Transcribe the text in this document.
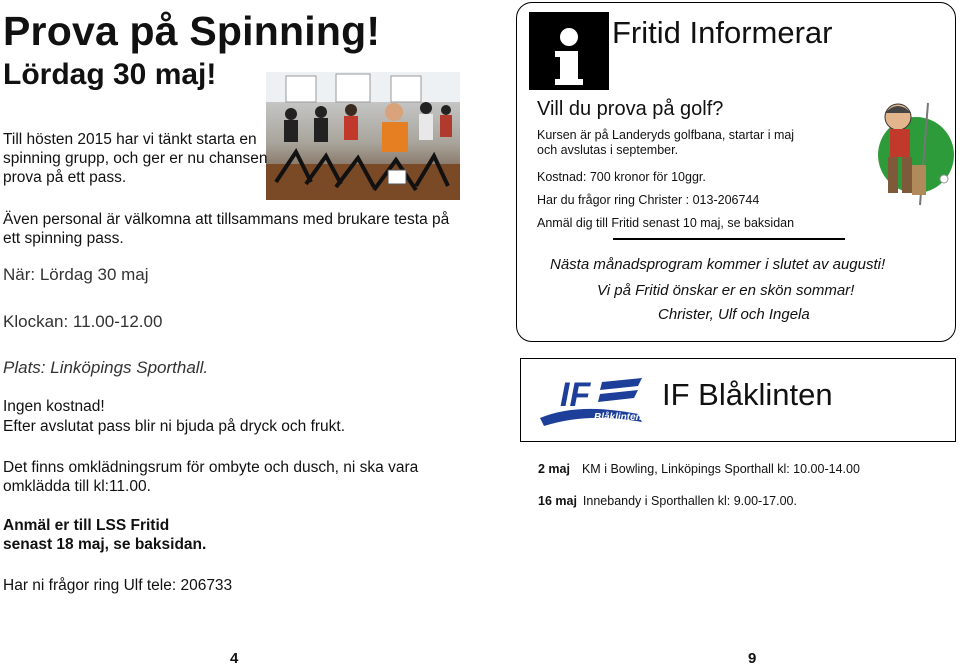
Prova på Spinning!
Lördag 30 maj!
Till hösten 2015 har vi tänkt starta en spinning grupp, och ger er nu chansen prova på ett pass.
Även personal är välkomna att tillsammans med brukare testa på ett spinning pass.
När: Lördag 30 maj
Klockan: 11.00-12.00
Plats: Linköpings Sporthall.
Ingen kostnad!
Efter avslutat pass blir ni bjuda på dryck och frukt.
Det finns omklädningsrum för ombyte och dusch, ni ska vara omklädda till kl:11.00.
Anmäl er till LSS Fritid
senast 18 maj, se baksidan.
Har ni frågor ring Ulf tele: 206733
4
Fritid Informerar
Vill du prova på golf?
Kursen är på Landeryds golfbana, startar i maj
och avslutas i september.
Kostnad: 700 kronor för 10ggr.
Har du frågor ring Christer : 013-206744
Anmäl dig till Fritid senast 10 maj, se baksidan
Nästa månadsprogram kommer i slutet av augusti!
Vi på Fritid önskar er en skön sommar!
Christer, Ulf och Ingela
IF
Blåklinten
IF Blåklinten
2 maj KM i Bowling, Linköpings Sporthall kl: 10.00-14.00
16 maj Innebandy i Sporthallen kl: 9.00-17.00.
9
